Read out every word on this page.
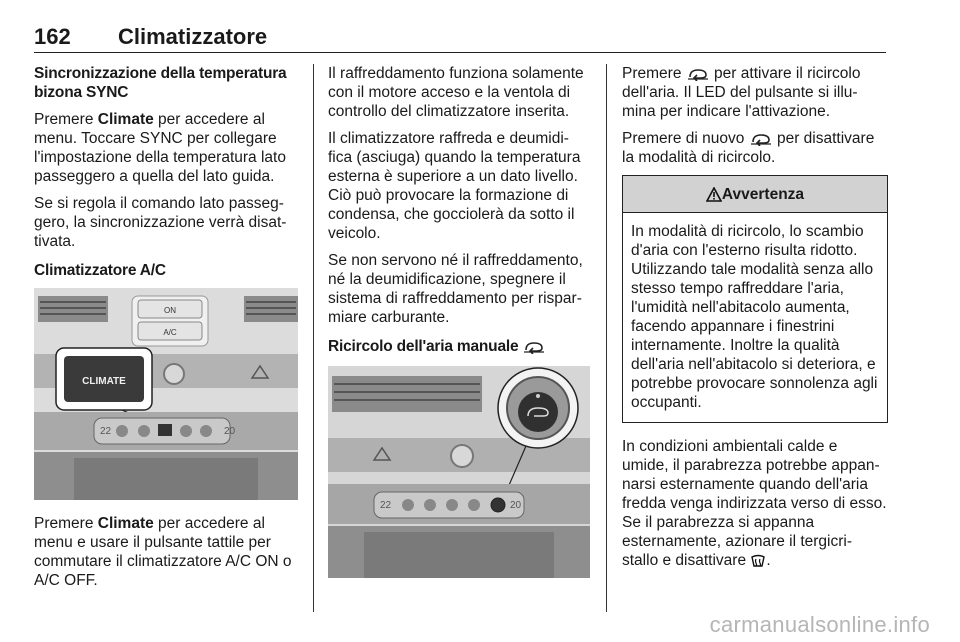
162 Climatizzatore

Sincronizzazione della temperatura bizona SYNC

Premere Climate per accedere al menu. Toccare SYNC per collegare l'impostazione della temperatura lato passeggero a quella del lato guida.

Se si regola il comando lato passeg-gero, la sincronizzazione verrà disat-tivata.

Climatizzatore A/C

ON
A/C
CLIMATE
22	20

Premere Climate per accedere al menu e usare il pulsante tattile per commutare il climatizzatore A/C ON o A/C OFF.

Il raffreddamento funziona solamente con il motore acceso e la ventola di controllo del climatizzatore inserita.

Il climatizzatore raffreda e deumidi-fica (asciuga) quando la temperatura esterna è superiore a un dato livello. Ciò può provocare la formazione di condensa, che gocciolerà da sotto il veicolo.

Se non servono né il raffreddamento, né la deumidificazione, spegnere il sistema di raffreddamento per rispar-miare carburante.

Ricircolo dell'aria manuale

22	20

Premere  per attivare il ricircolo dell'aria. Il LED del pulsante si illu-mina per indicare l'attivazione.

Premere di nuovo  per disattivare la modalità di ricircolo.

Avvertenza
In modalità di ricircolo, lo scambio d'aria con l'esterno risulta ridotto. Utilizzando tale modalità senza allo stesso tempo raffreddare l'aria, l'umidità nell'abitacolo aumenta, facendo appannare i finestrini internamente. Inoltre la qualità dell'aria nell'abitacolo si deteriora, e potrebbe provocare sonnolenza agli occupanti.

In condizioni ambientali calde e umide, il parabrezza potrebbe appan-narsi esternamente quando dell'aria fredda venga indirizzata verso di esso. Se il parabrezza si appanna esternamente, azionare il tergicri-stallo e disattivare .

carmanualsonline.info
